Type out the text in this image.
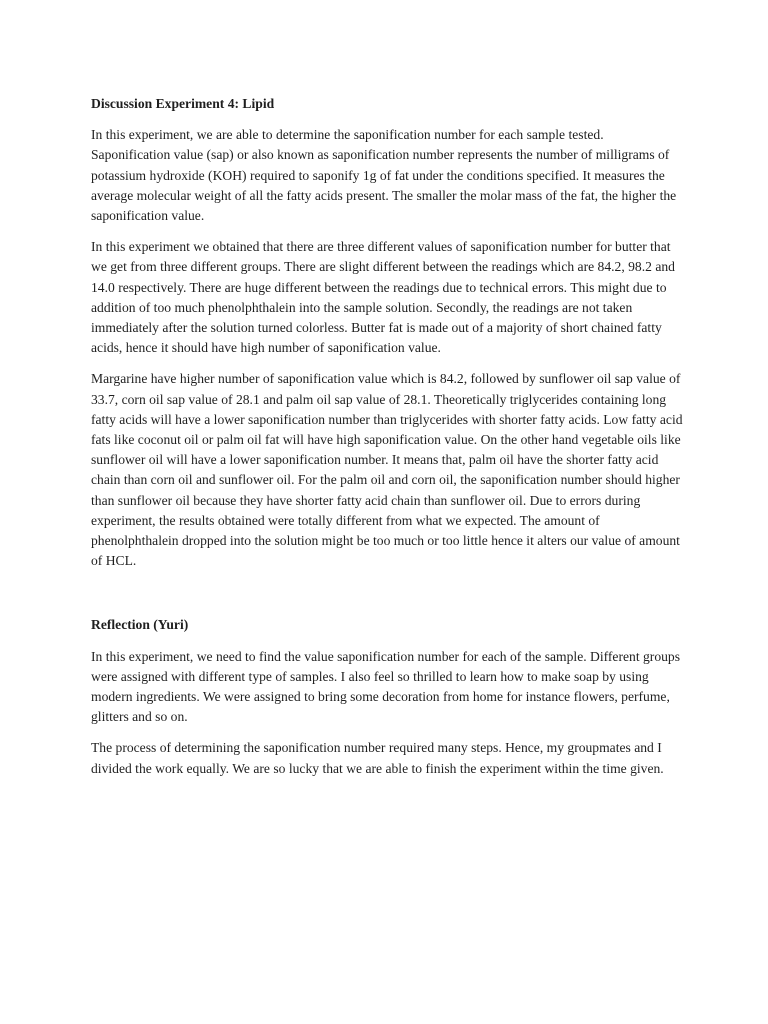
Discussion Experiment 4: Lipid

In this experiment, we are able to determine the saponification number for each sample tested. Saponification value (sap) or also known as saponification number represents the number of milligrams of potassium hydroxide (KOH) required to saponify 1g of fat under the conditions specified. It measures the average molecular weight of all the fatty acids present. The smaller the molar mass of the fat, the higher the saponification value.

In this experiment we obtained that there are three different values of saponification number for butter that we get from three different groups. There are slight different between the readings which are 84.2, 98.2 and 14.0 respectively. There are huge different between the readings due to technical errors. This might due to addition of too much phenolphthalein into the sample solution. Secondly, the readings are not taken immediately after the solution turned colorless. Butter fat is made out of a majority of short chained fatty acids, hence it should have high number of saponification value.

Margarine have higher number of saponification value which is 84.2, followed by sunflower oil sap value of 33.7, corn oil sap value of 28.1 and palm oil sap value of 28.1. Theoretically triglycerides containing long fatty acids will have a lower saponification number than triglycerides with shorter fatty acids. Low fatty acid fats like coconut oil or palm oil fat will have high saponification value. On the other hand vegetable oils like sunflower oil will have a lower saponification number. It means that, palm oil have the shorter fatty acid chain than corn oil and sunflower oil. For the palm oil and corn oil, the saponification number should higher than sunflower oil because they have shorter fatty acid chain than sunflower oil. Due to errors during experiment, the results obtained were totally different from what we expected. The amount of phenolphthalein dropped into the solution might be too much or too little hence it alters our value of amount of HCL.

Reflection (Yuri)

In this experiment, we need to find the value saponification number for each of the sample. Different groups were assigned with different type of samples. I also feel so thrilled to learn how to make soap by using modern ingredients. We were assigned to bring some decoration from home for instance flowers, perfume, glitters and so on.

The process of determining the saponification number required many steps. Hence, my groupmates and I divided the work equally. We are so lucky that we are able to finish the experiment within the time given.
